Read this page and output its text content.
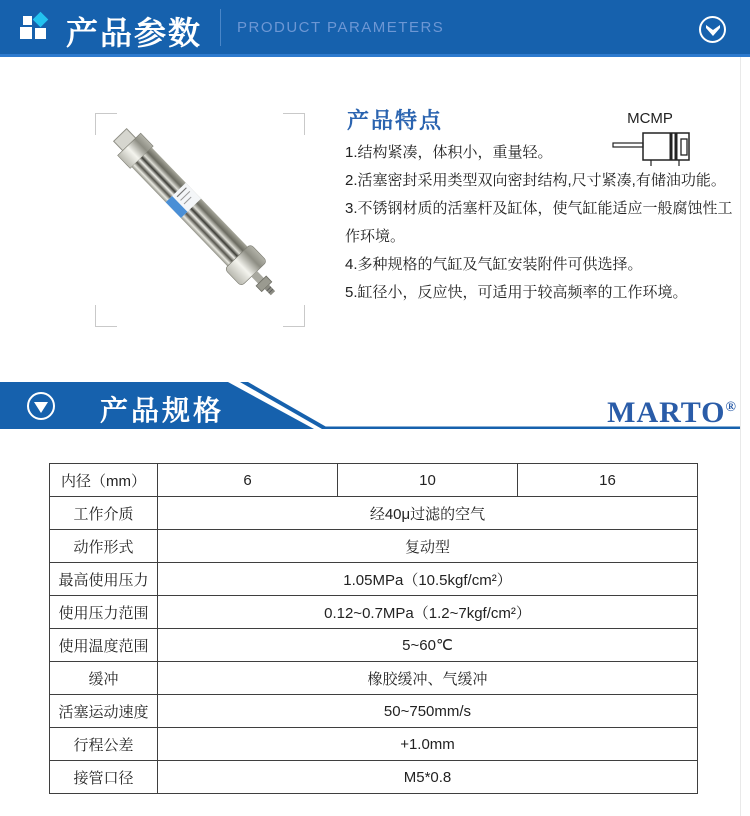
产品参数 PRODUCT PARAMETERS
产品特点
1.结构紧凑，体积小，重量轻。
2.活塞密封采用类型双向密封结构,尺寸紧凑,有储油功能。
3.不锈钢材质的活塞杆及缸体，使气缸能适应一般腐蚀性工作环境。
4.多种规格的气缸及气缸安装附件可供选择。
5.缸径小，反应快，可适用于较高频率的工作环境。
MCMP
产品规格	MARTO®
内径（mm）	6	10	16
工作介质	经40μ过滤的空气		
动作形式	复动型		
最高使用压力	1.05MPa（10.5kgf/cm²）		
使用压力范围	0.12~0.7MPa（1.2~7kgf/cm²）		
使用温度范围	5~60℃		
缓冲	橡胶缓冲、气缓冲		
活塞运动速度	50~750mm/s		
行程公差	+1.0mm		
接管口径	M5*0.8		
